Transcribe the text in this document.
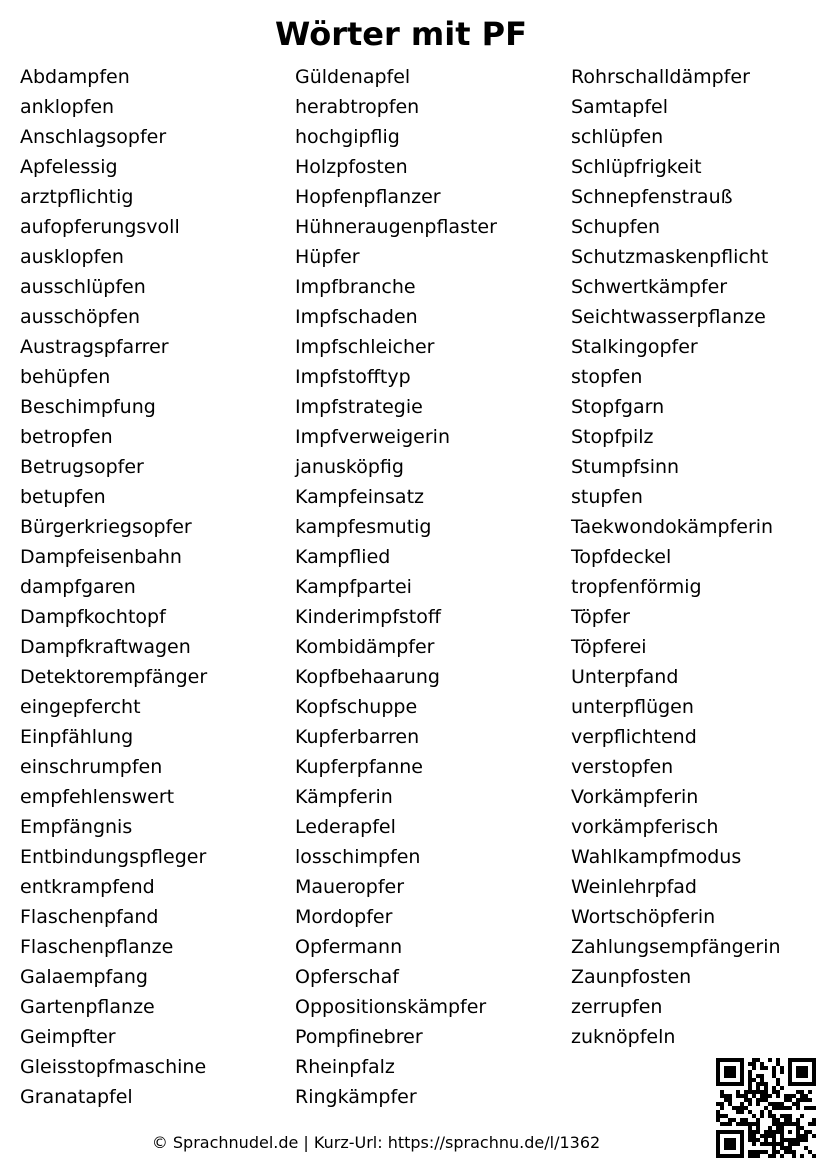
Wörter mit PF
Abdampfen
anklopfen
Anschlagsopfer
Apfelessig
arztpflichtig
aufopferungsvoll
ausklopfen
ausschlüpfen
ausschöpfen
Austragspfarrer
behüpfen
Beschimpfung
betropfen
Betrugsopfer
betupfen
Bürgerkriegsopfer
Dampfeisenbahn
dampfgaren
Dampfkochtopf
Dampfkraftwagen
Detektorempfänger
eingepfercht
Einpfählung
einschrumpfen
empfehlenswert
Empfängnis
Entbindungspfleger
entkrampfend
Flaschenpfand
Flaschenpflanze
Galaempfang
Gartenpflanze
Geimpfter
Gleisstopfmaschine
Granatapfel
Güldenapfel
herabtropfen
hochgipflig
Holzpfosten
Hopfenpflanzer
Hühneraugenpflaster
Hüpfer
Impfbranche
Impfschaden
Impfschleicher
Impfstofftyp
Impfstrategie
Impfverweigerin
janusköpfig
Kampfeinsatz
kampfesmutig
Kampflied
Kampfpartei
Kinderimpfstoff
Kombidämpfer
Kopfbehaarung
Kopfschuppe
Kupferbarren
Kupferpfanne
Kämpferin
Lederapfel
losschimpfen
Maueropfer
Mordopfer
Opfermann
Opferschaf
Oppositionskämpfer
Pompfinebrer
Rheinpfalz
Ringkämpfer
Rohrschalldämpfer
Samtapfel
schlüpfen
Schlüpfrigkeit
Schnepfenstrauß
Schupfen
Schutzmaskenpflicht
Schwertkämpfer
Seichtwasserpflanze
Stalkingopfer
stopfen
Stopfgarn
Stopfpilz
Stumpfsinn
stupfen
Taekwondokämpferin
Topfdeckel
tropfenförmig
Töpfer
Töpferei
Unterpfand
unterpflügen
verpflichtend
verstopfen
Vorkämpferin
vorkämpferisch
Wahlkampfmodus
Weinlehrpfad
Wortschöpferin
Zahlungsempfängerin
Zaunpfosten
zerrupfen
zuknöpfeln
© Sprachnudel.de | Kurz-Url: https://sprachnu.de/l/1362
